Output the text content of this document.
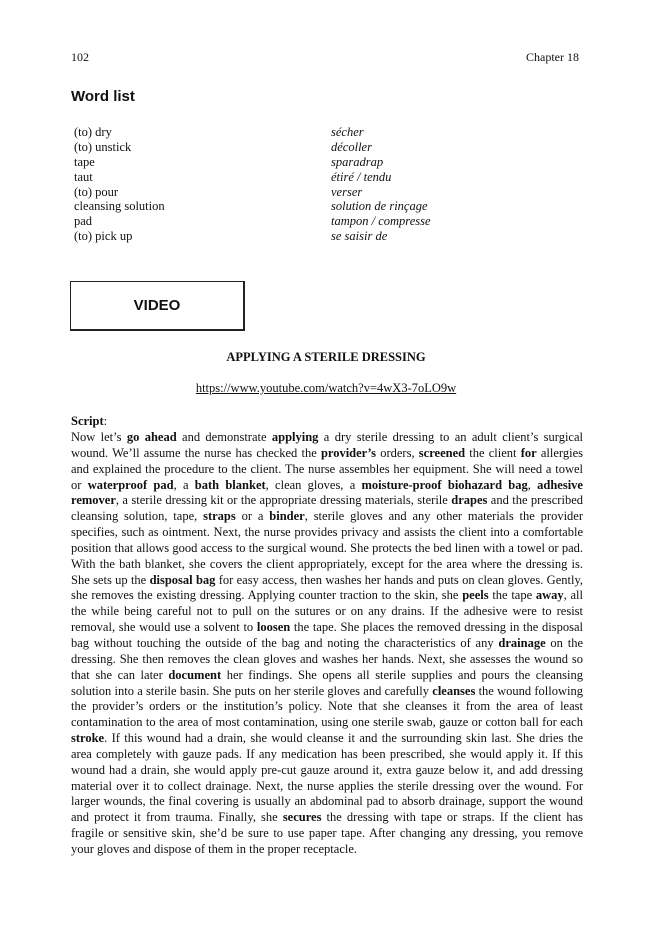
102	Chapter 18
Word list
(to) dry	sécher
(to) unstick	décoller
tape	sparadrap
taut	étiré / tendu
(to) pour	verser
cleansing solution	solution de rinçage
pad	tampon / compresse
(to) pick up	se saisir de
VIDEO
APPLYING A STERILE DRESSING
https://www.youtube.com/watch?v=4wX3-7oLO9w
Script:

Now let’s go ahead and demonstrate applying a dry sterile dressing to an adult client’s surgical wound. We’ll assume the nurse has checked the provider’s orders, screened the client for allergies and explained the procedure to the client. The nurse assembles her equipment. She will need a towel or waterproof pad, a bath blanket, clean gloves, a moisture-proof biohazard bag, adhesive remover, a sterile dressing kit or the appropriate dressing materials, sterile drapes and the prescribed cleansing solution, tape, straps or a binder, sterile gloves and any other materials the provider specifies, such as ointment. Next, the nurse provides privacy and assists the client into a comfortable position that allows good access to the surgical wound. She protects the bed linen with a towel or pad. With the bath blanket, she covers the client appropriately, except for the area where the dressing is. She sets up the disposal bag for easy access, then washes her hands and puts on clean gloves. Gently, she removes the existing dressing. Applying counter traction to the skin, she peels the tape away, all the while being careful not to pull on the sutures or on any drains. If the adhesive were to resist removal, she would use a solvent to loosen the tape. She places the removed dressing in the disposal bag without touching the outside of the bag and noting the characteristics of any drainage on the dressing. She then removes the clean gloves and washes her hands. Next, she assesses the wound so that she can later document her findings. She opens all sterile supplies and pours the cleansing solution into a sterile basin. She puts on her sterile gloves and carefully cleanses the wound following the provider’s orders or the institution’s policy. Note that she cleanses it from the area of least contamination to the area of most contamination, using one sterile swab, gauze or cotton ball for each stroke. If this wound had a drain, she would cleanse it and the surrounding skin last. She dries the area completely with gauze pads. If any medication has been prescribed, she would apply it. If this wound had a drain, she would apply pre-cut gauze around it, extra gauze below it, and add dressing material over it to collect drainage. Next, the nurse applies the sterile dressing over the wound. For larger wounds, the final covering is usually an abdominal pad to absorb drainage, support the wound and protect it from trauma. Finally, she secures the dressing with tape or straps. If the client has fragile or sensitive skin, she’d be sure to use paper tape. After changing any dressing, you remove your gloves and dispose of them in the proper receptacle.
